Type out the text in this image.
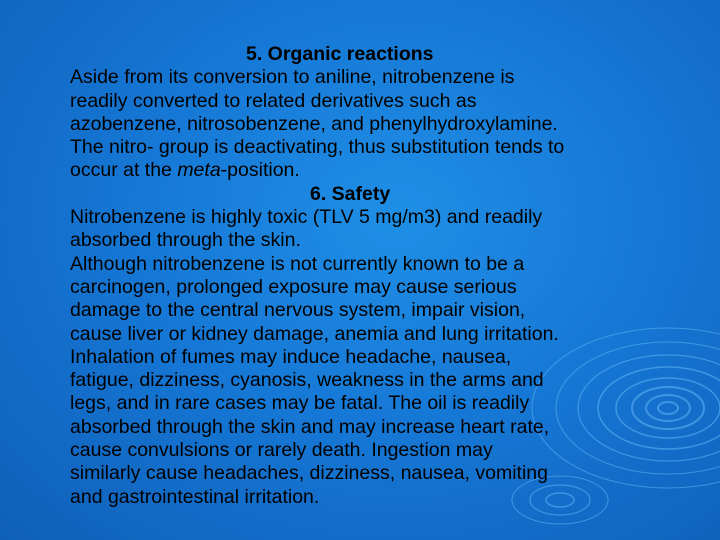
5. Organic reactions
Aside from its conversion to aniline, nitrobenzene is
readily converted to related derivatives such as
azobenzene, nitrosobenzene, and phenylhydroxylamine.
The nitro- group is deactivating, thus substitution tends to
occur at the meta-position.
6. Safety
Nitrobenzene is highly toxic (TLV 5 mg/m3) and readily
absorbed through the skin.
Although nitrobenzene is not currently known to be a
carcinogen, prolonged exposure may cause serious
damage to the central nervous system, impair vision,
cause liver or kidney damage, anemia and lung irritation.
Inhalation of fumes may induce headache, nausea,
fatigue, dizziness, cyanosis, weakness in the arms and
legs, and in rare cases may be fatal. The oil is readily
absorbed through the skin and may increase heart rate,
cause convulsions or rarely death. Ingestion may
similarly cause headaches, dizziness, nausea, vomiting
and gastrointestinal irritation.
